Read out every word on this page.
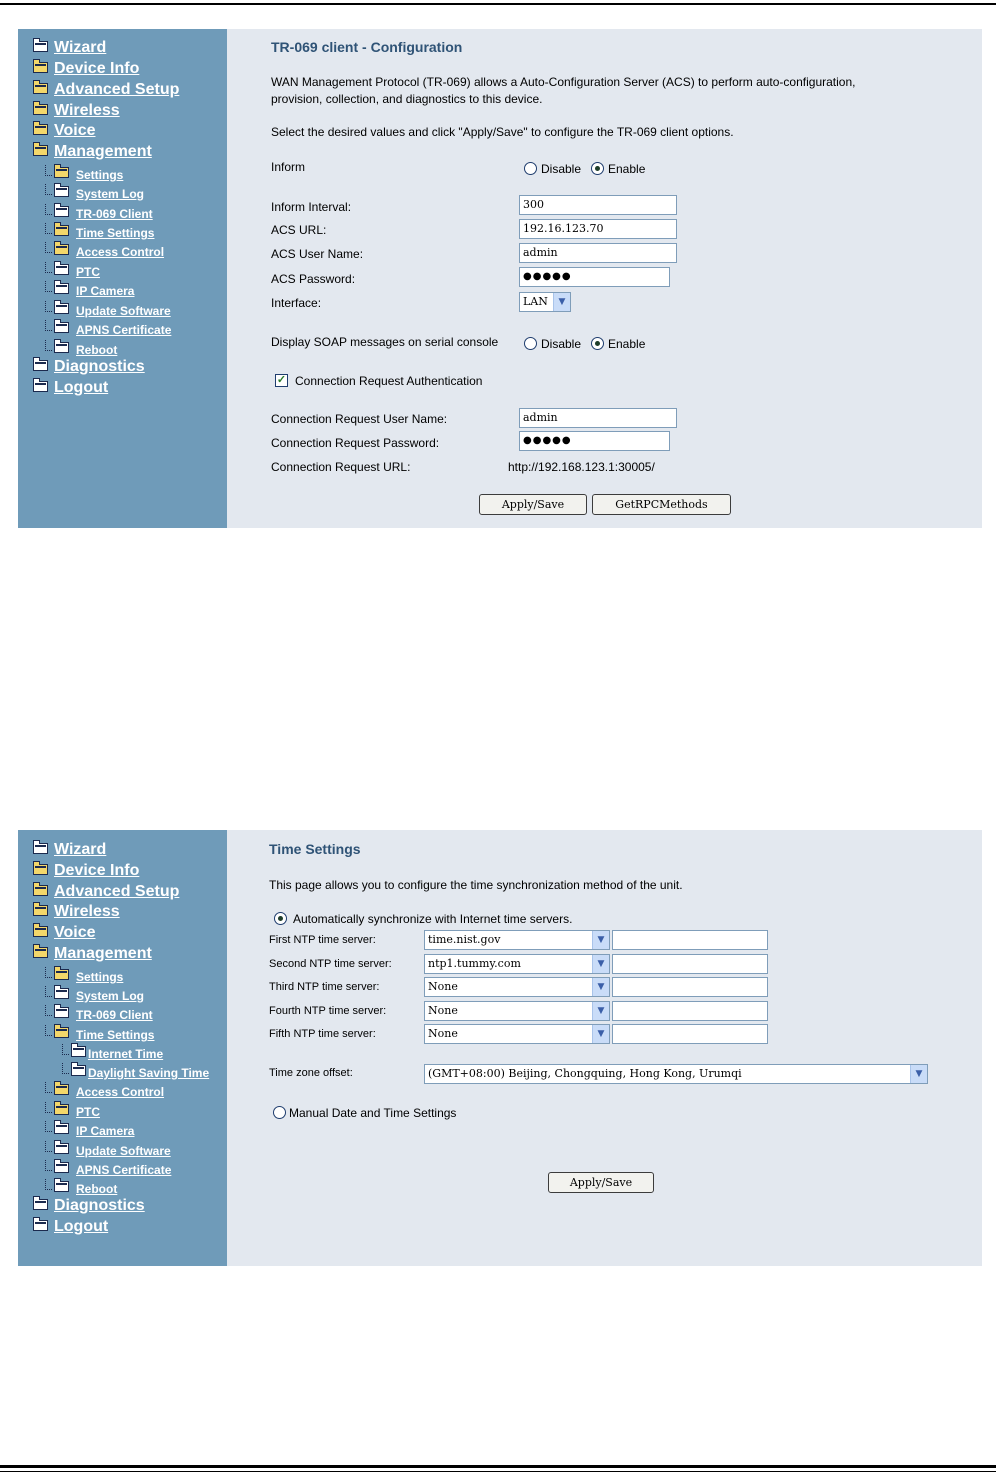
Wizard
Device Info
Advanced Setup
Wireless
Voice
Management
Settings
System Log
TR-069 Client
Time Settings
Access Control
PTC
IP Camera
Update Software
APNS Certificate
Reboot
Diagnostics
Logout
TR-069 client - Configuration
WAN Management Protocol (TR-069) allows a Auto-Configuration Server (ACS) to perform auto-configuration,
provision, collection, and diagnostics to this device.
Select the desired values and click "Apply/Save" to configure the TR-069 client options.
Inform	Disable Enable
Inform Interval:	300
ACS URL:	192.16.123.70
ACS User Name:	admin
ACS Password:	●●●●●
Interface:	LAN	▼
Display SOAP messages on serial console	Disable Enable
✓ Connection Request Authentication
Connection Request User Name:	admin
Connection Request Password:	●●●●●
Connection Request URL:	http://192.168.123.1:30005/
Apply/Save	GetRPCMethods
Wizard
Device Info
Advanced Setup
Wireless
Voice
Management
Settings
System Log
TR-069 Client
Time Settings
Internet Time
Daylight Saving Time
Access Control
PTC
IP Camera
Update Software
APNS Certificate
Reboot
Diagnostics
Logout
Time Settings
This page allows you to configure the time synchronization method of the unit.
Automatically synchronize with Internet time servers.
First NTP time server:	time.nist.gov	▼
Second NTP time server:	ntp1.tummy.com	▼
Third NTP time server:	None	▼
Fourth NTP time server:	None	▼
Fifth NTP time server:	None	▼
Time zone offset:	(GMT+08:00) Beijing, Chongquing, Hong Kong, Urumqi	▼
Manual Date and Time Settings
Apply/Save
